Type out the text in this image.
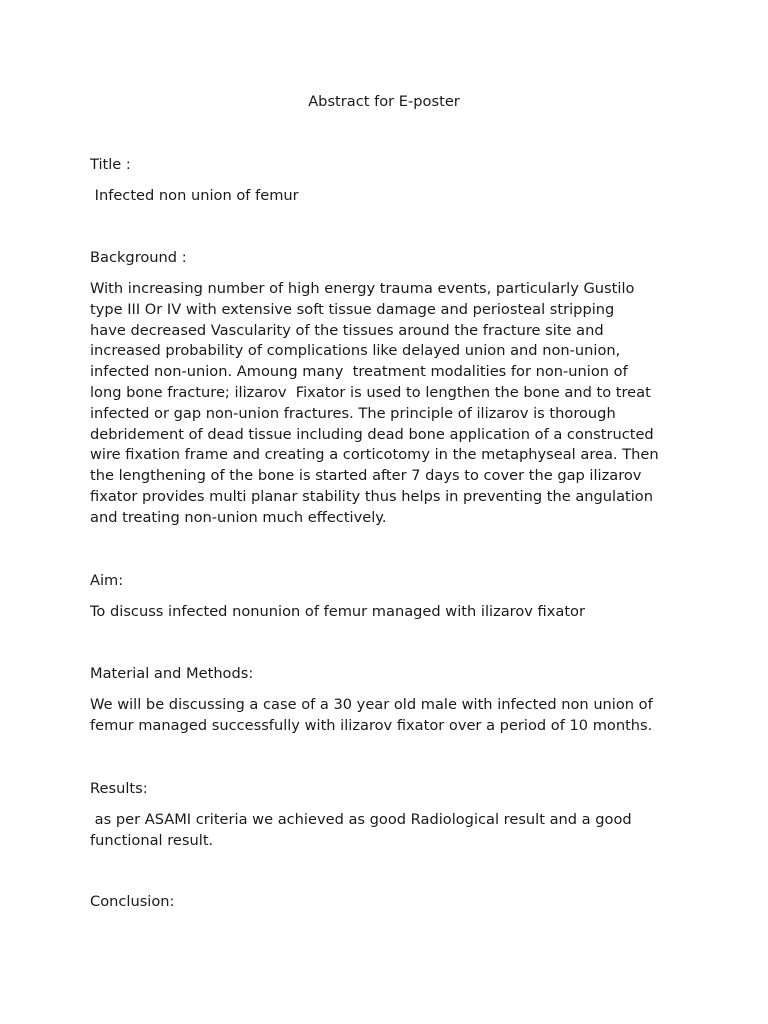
Abstract for E-poster

Title :

Infected non union of femur

Background :

With increasing number of high energy trauma events, particularly Gustilo
type III Or IV with extensive soft tissue damage and periosteal stripping
have decreased Vascularity of the tissues around the fracture site and
increased probability of complications like delayed union and non-union,
infected non-union. Amoung many  treatment modalities for non-union of
long bone fracture; ilizarov  Fixator is used to lengthen the bone and to treat
infected or gap non-union fractures. The principle of ilizarov is thorough
debridement of dead tissue including dead bone application of a constructed
wire fixation frame and creating a corticotomy in the metaphyseal area. Then
the lengthening of the bone is started after 7 days to cover the gap ilizarov
fixator provides multi planar stability thus helps in preventing the angulation
and treating non-union much effectively.

Aim:

To discuss infected nonunion of femur managed with ilizarov fixator

Material and Methods:

We will be discussing a case of a 30 year old male with infected non union of
femur managed successfully with ilizarov fixator over a period of 10 months.

Results:

as per ASAMI criteria we achieved as good Radiological result and a good
functional result.

Conclusion:
